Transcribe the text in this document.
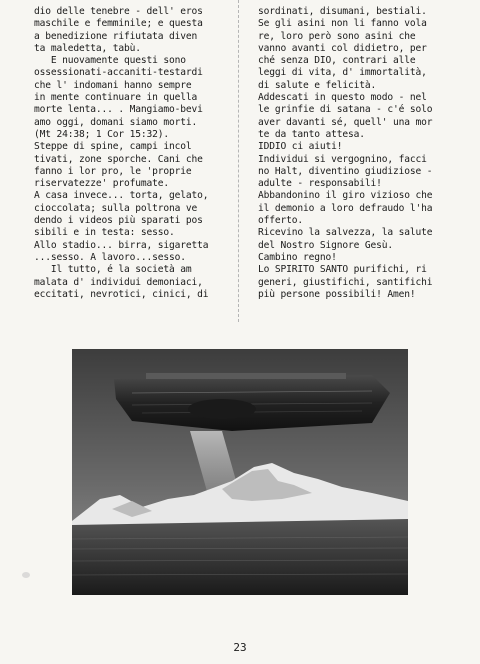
dio delle tenebre - dell' eros
maschile e femminile; e questa
a benedizione rifiutata diven
ta maledetta, tabù.
E nuovamente questi sono
ossessionati-accaniti-testardi
che l' indomani hanno sempre
in mente continuare in quella
morte lenta... . Mangiamo-bevi
amo oggi, domani siamo morti.
(Mt 24:38; 1 Cor 15:32).
Steppe di spine, campi incol
tivati, zone sporche. Cani che
fanno i lor pro, le 'proprie
riservatezze' profumate.
A casa invece... torta, gelato,
cioccolata; sulla poltrona ve
dendo i videos più sparati pos
sibili e in testa: sesso.
Allo stadio... birra, sigaretta
...sesso. A lavoro...sesso.
Il tutto, é la società am
malata d' individui demoniaci,
eccitati, nevrotici, cinici, di
sordinati, disumani, bestiali.
Se gli asini non li fanno vola
re, loro però sono asini che
vanno avanti col didietro, per
ché senza DIO, contrari alle
leggi di vita, d' immortalità,
di salute e felicità.
Addescati in questo modo - nel
le grinfie di satana - c'é solo
aver davanti sé, quell' una mor
te da tanto attesa.
IDDIO ci aiuti!
Individui si vergognino, facci
no Halt, diventino giudiziose -
adulte - responsabili!
Abbandonino il giro vizioso che
il demonio a loro defraudo l'ha
offerto.
Ricevino la salvezza, la salute
del Nostro Signore Gesù.
Cambino regno!
Lo SPIRITO SANTO purifichi, ri
generi, giustifichi, santifichi
più persone possibili! Amen!
23
